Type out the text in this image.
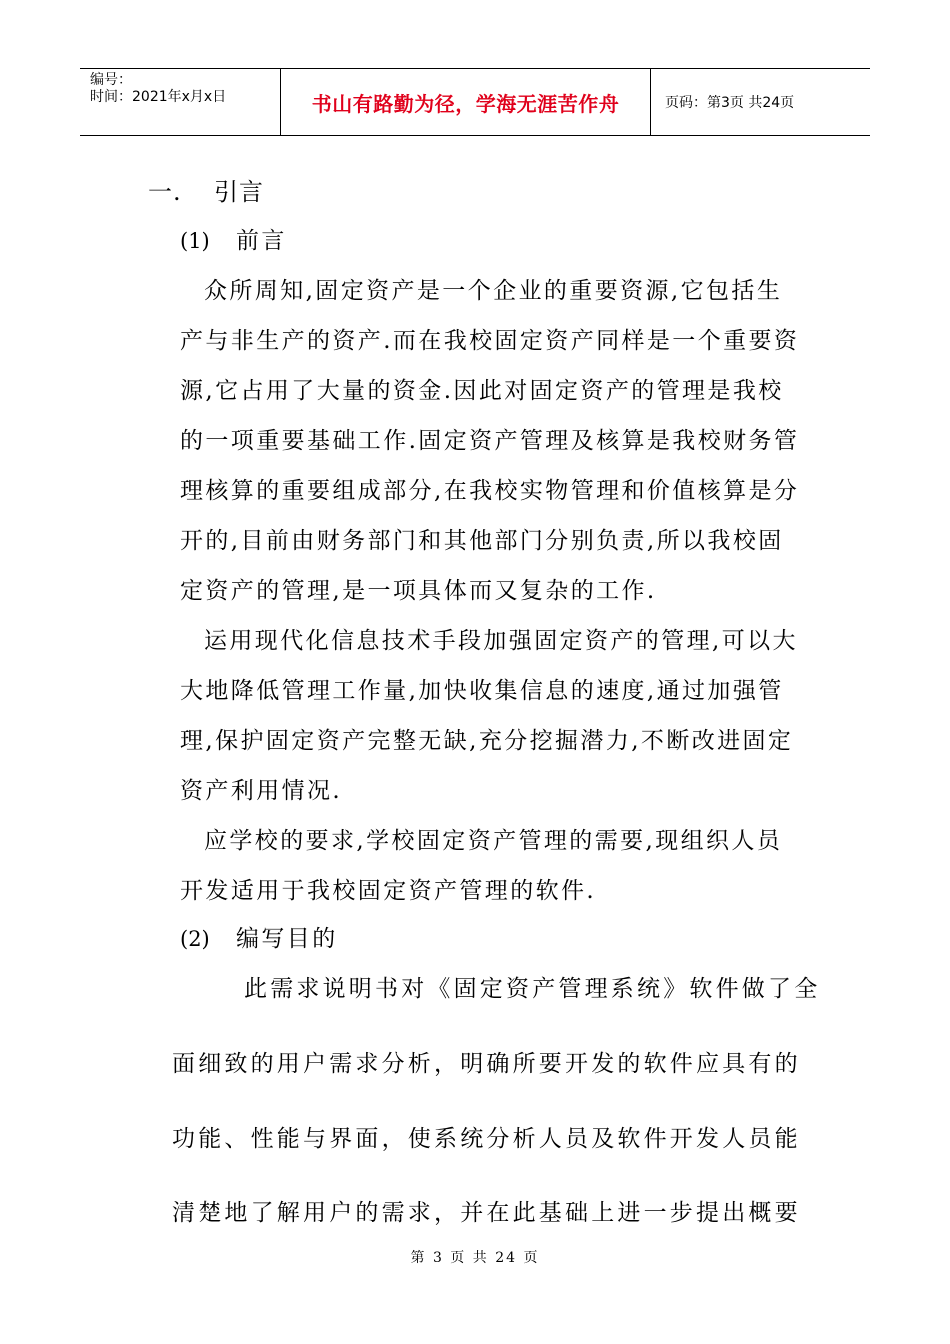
编号：
时间：2021年x月x日	书山有路勤为径，学海无涯苦作舟	页码：第3页 共24页
一. 引言
(1) 前言
众所周知,固定资产是一个企业的重要资源,它包括生
产与非生产的资产.而在我校固定资产同样是一个重要资
源,它占用了大量的资金.因此对固定资产的管理是我校
的一项重要基础工作.固定资产管理及核算是我校财务管
理核算的重要组成部分,在我校实物管理和价值核算是分
开的,目前由财务部门和其他部门分别负责,所以我校固
定资产的管理,是一项具体而又复杂的工作.
运用现代化信息技术手段加强固定资产的管理,可以大
大地降低管理工作量,加快收集信息的速度,通过加强管
理,保护固定资产完整无缺,充分挖掘潜力,不断改进固定
资产利用情况.
应学校的要求,学校固定资产管理的需要,现组织人员
开发适用于我校固定资产管理的软件.
(2) 编写目的
此需求说明书对《固定资产管理系统》软件做了全
面细致的用户需求分析，明确所要开发的软件应具有的
功能、性能与界面，使系统分析人员及软件开发人员能
清楚地了解用户的需求，并在此基础上进一步提出概要
第 3 页 共 24 页
